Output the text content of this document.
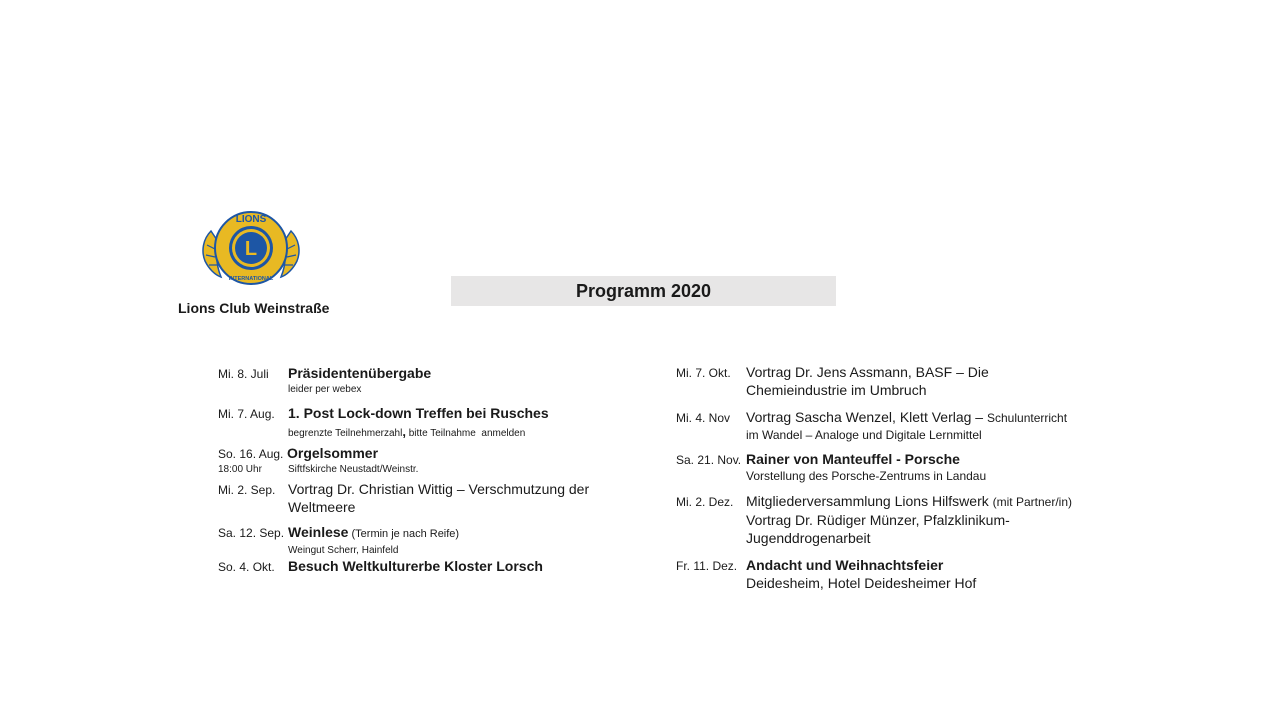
L
LIONS
INTERNATIONAL
Lions Club Weinstraße
Programm 2020
Mi. 8. Juli Präsidentenübergabe
leider per webex
Mi. 7. Aug. 1. Post Lock-down Treffen bei Rusches
begrenzte Teilnehmerzahl, bitte Teilnahme  anmelden
So. 16. Aug.
18:00 Uhr
Orgelsommer
Siftfskirche Neustadt/Weinstr.
Mi. 2. Sep. Vortrag Dr. Christian Wittig – Verschmutzung der Weltmeere
Sa. 12. Sep. Weinlese (Termin je nach Reife)
Weingut Scherr, Hainfeld
So. 4. Okt. Besuch Weltkulturerbe Kloster Lorsch
Mi. 7. Okt. Vortrag Dr. Jens Assmann, BASF – Die
Chemieindustrie im Umbruch
Mi. 4. Nov Vortrag Sascha Wenzel, Klett Verlag – Schulunterricht
im Wandel – Analoge und Digitale Lernmittel
Sa. 21. Nov. Rainer von Manteuffel - Porsche
Vorstellung des Porsche-Zentrums in Landau
Mi. 2. Dez. Mitgliederversammlung Lions Hilfswerk (mit Partner/in)
Vortrag Dr. Rüdiger Münzer, Pfalzklinikum-
Jugenddrogenarbeit
Fr. 11. Dez. Andacht und Weihnachtsfeier
Deidesheim, Hotel Deidesheimer Hof
